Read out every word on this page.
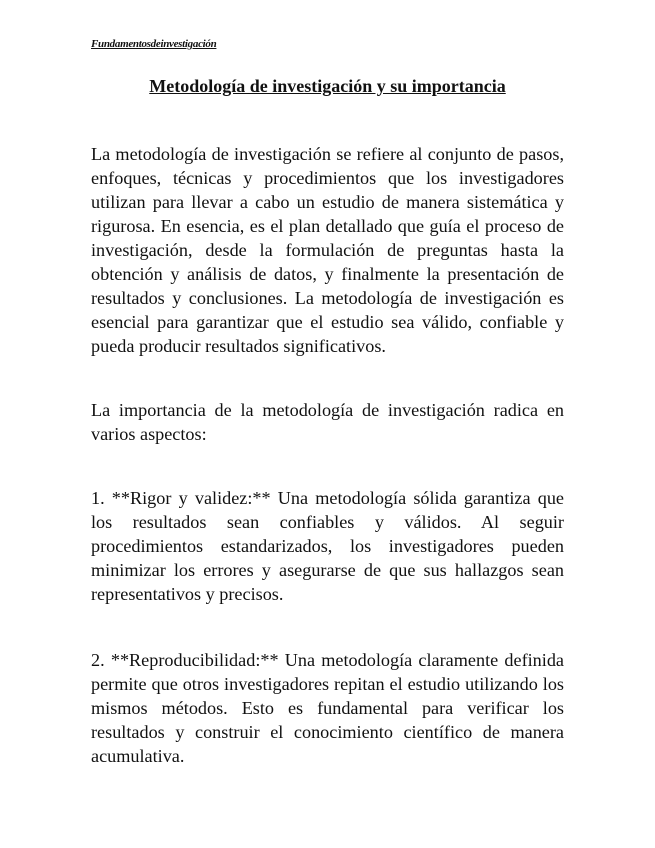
Fundamentosdeinvestigación
Metodología de investigación y su importancia

La metodología de investigación se refiere al conjunto de pasos, enfoques, técnicas y procedimientos que los investigadores utilizan para llevar a cabo un estudio de manera sistemática y rigurosa. En esencia, es el plan detallado que guía el proceso de investigación, desde la formulación de preguntas hasta la obtención y análisis de datos, y finalmente la presentación de resultados y conclusiones. La metodología de investigación es esencial para garantizar que el estudio sea válido, confiable y pueda producir resultados significativos.

La importancia de la metodología de investigación radica en varios aspectos:

1. **Rigor y validez:** Una metodología sólida garantiza que los resultados sean confiables y válidos. Al seguir procedimientos estandarizados, los investigadores pueden minimizar los errores y asegurarse de que sus hallazgos sean representativos y precisos.

2. **Reproducibilidad:** Una metodología claramente definida permite que otros investigadores repitan el estudio utilizando los mismos métodos. Esto es fundamental para verificar los resultados y construir el conocimiento científico de manera acumulativa.
